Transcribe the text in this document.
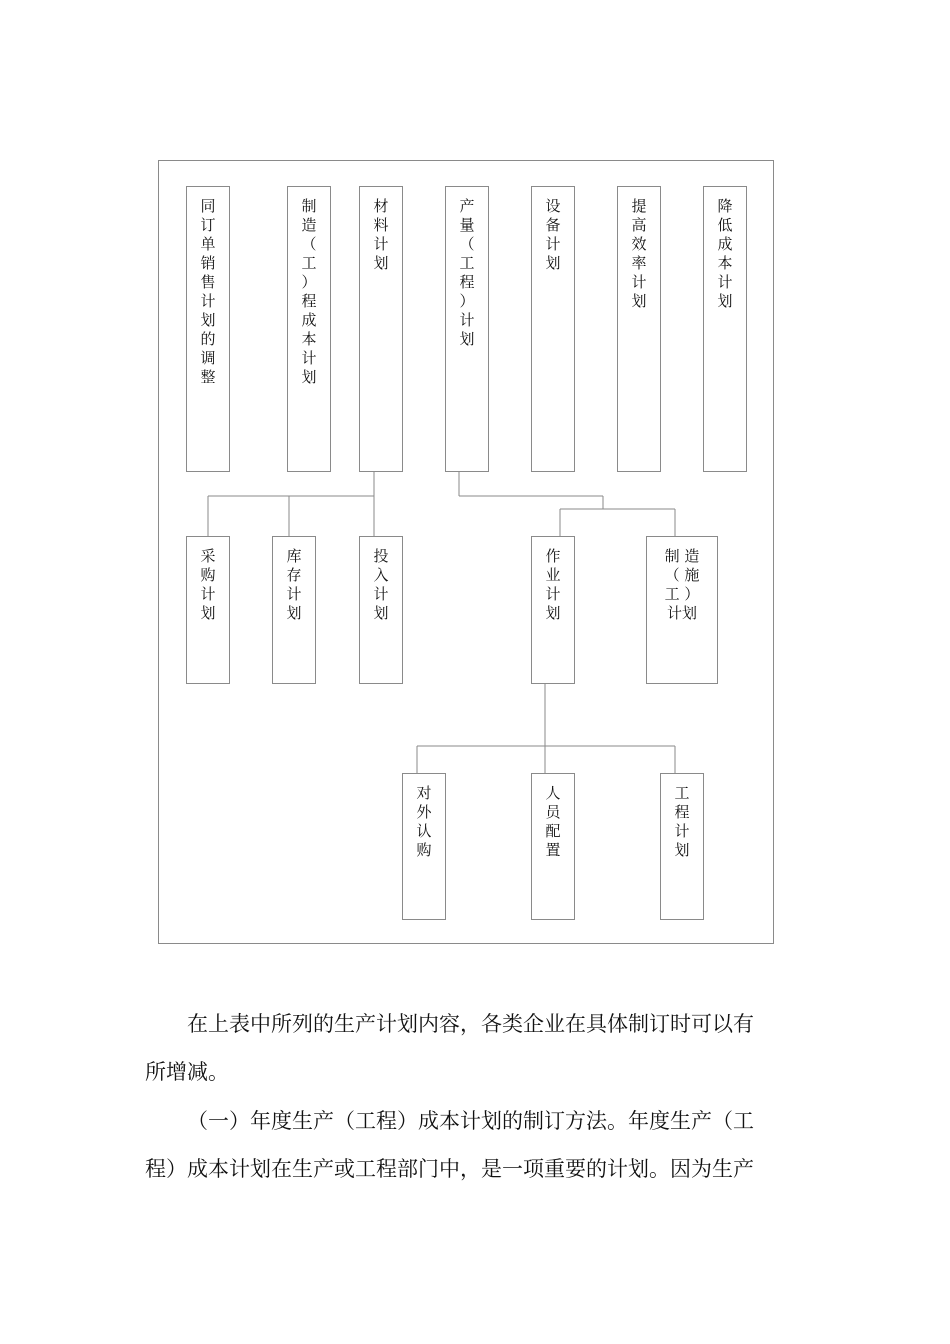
同
订
单
销
售
计
划
的
调
整
制
造
（
工
）
程
成
本
计
划
材
料
计
划
产
量
（
工
程
）
计
划
设
备
计
划
提
高
效
率
计
划
降
低
成
本
计
划
采
购
计
划
库
存
计
划
投
入
计
划
作
业
计
划
制 造
（ 施
工 ）
计划
对
外
认
购
人
员
配
置
工
程
计
划

在上表中所列的生产计划内容，各类企业在具体制订时可以有
所增减。

（一）年度生产（工程）成本计划的制订方法。年度生产（工
程）成本计划在生产或工程部门中，是一项重要的计划。因为生产
